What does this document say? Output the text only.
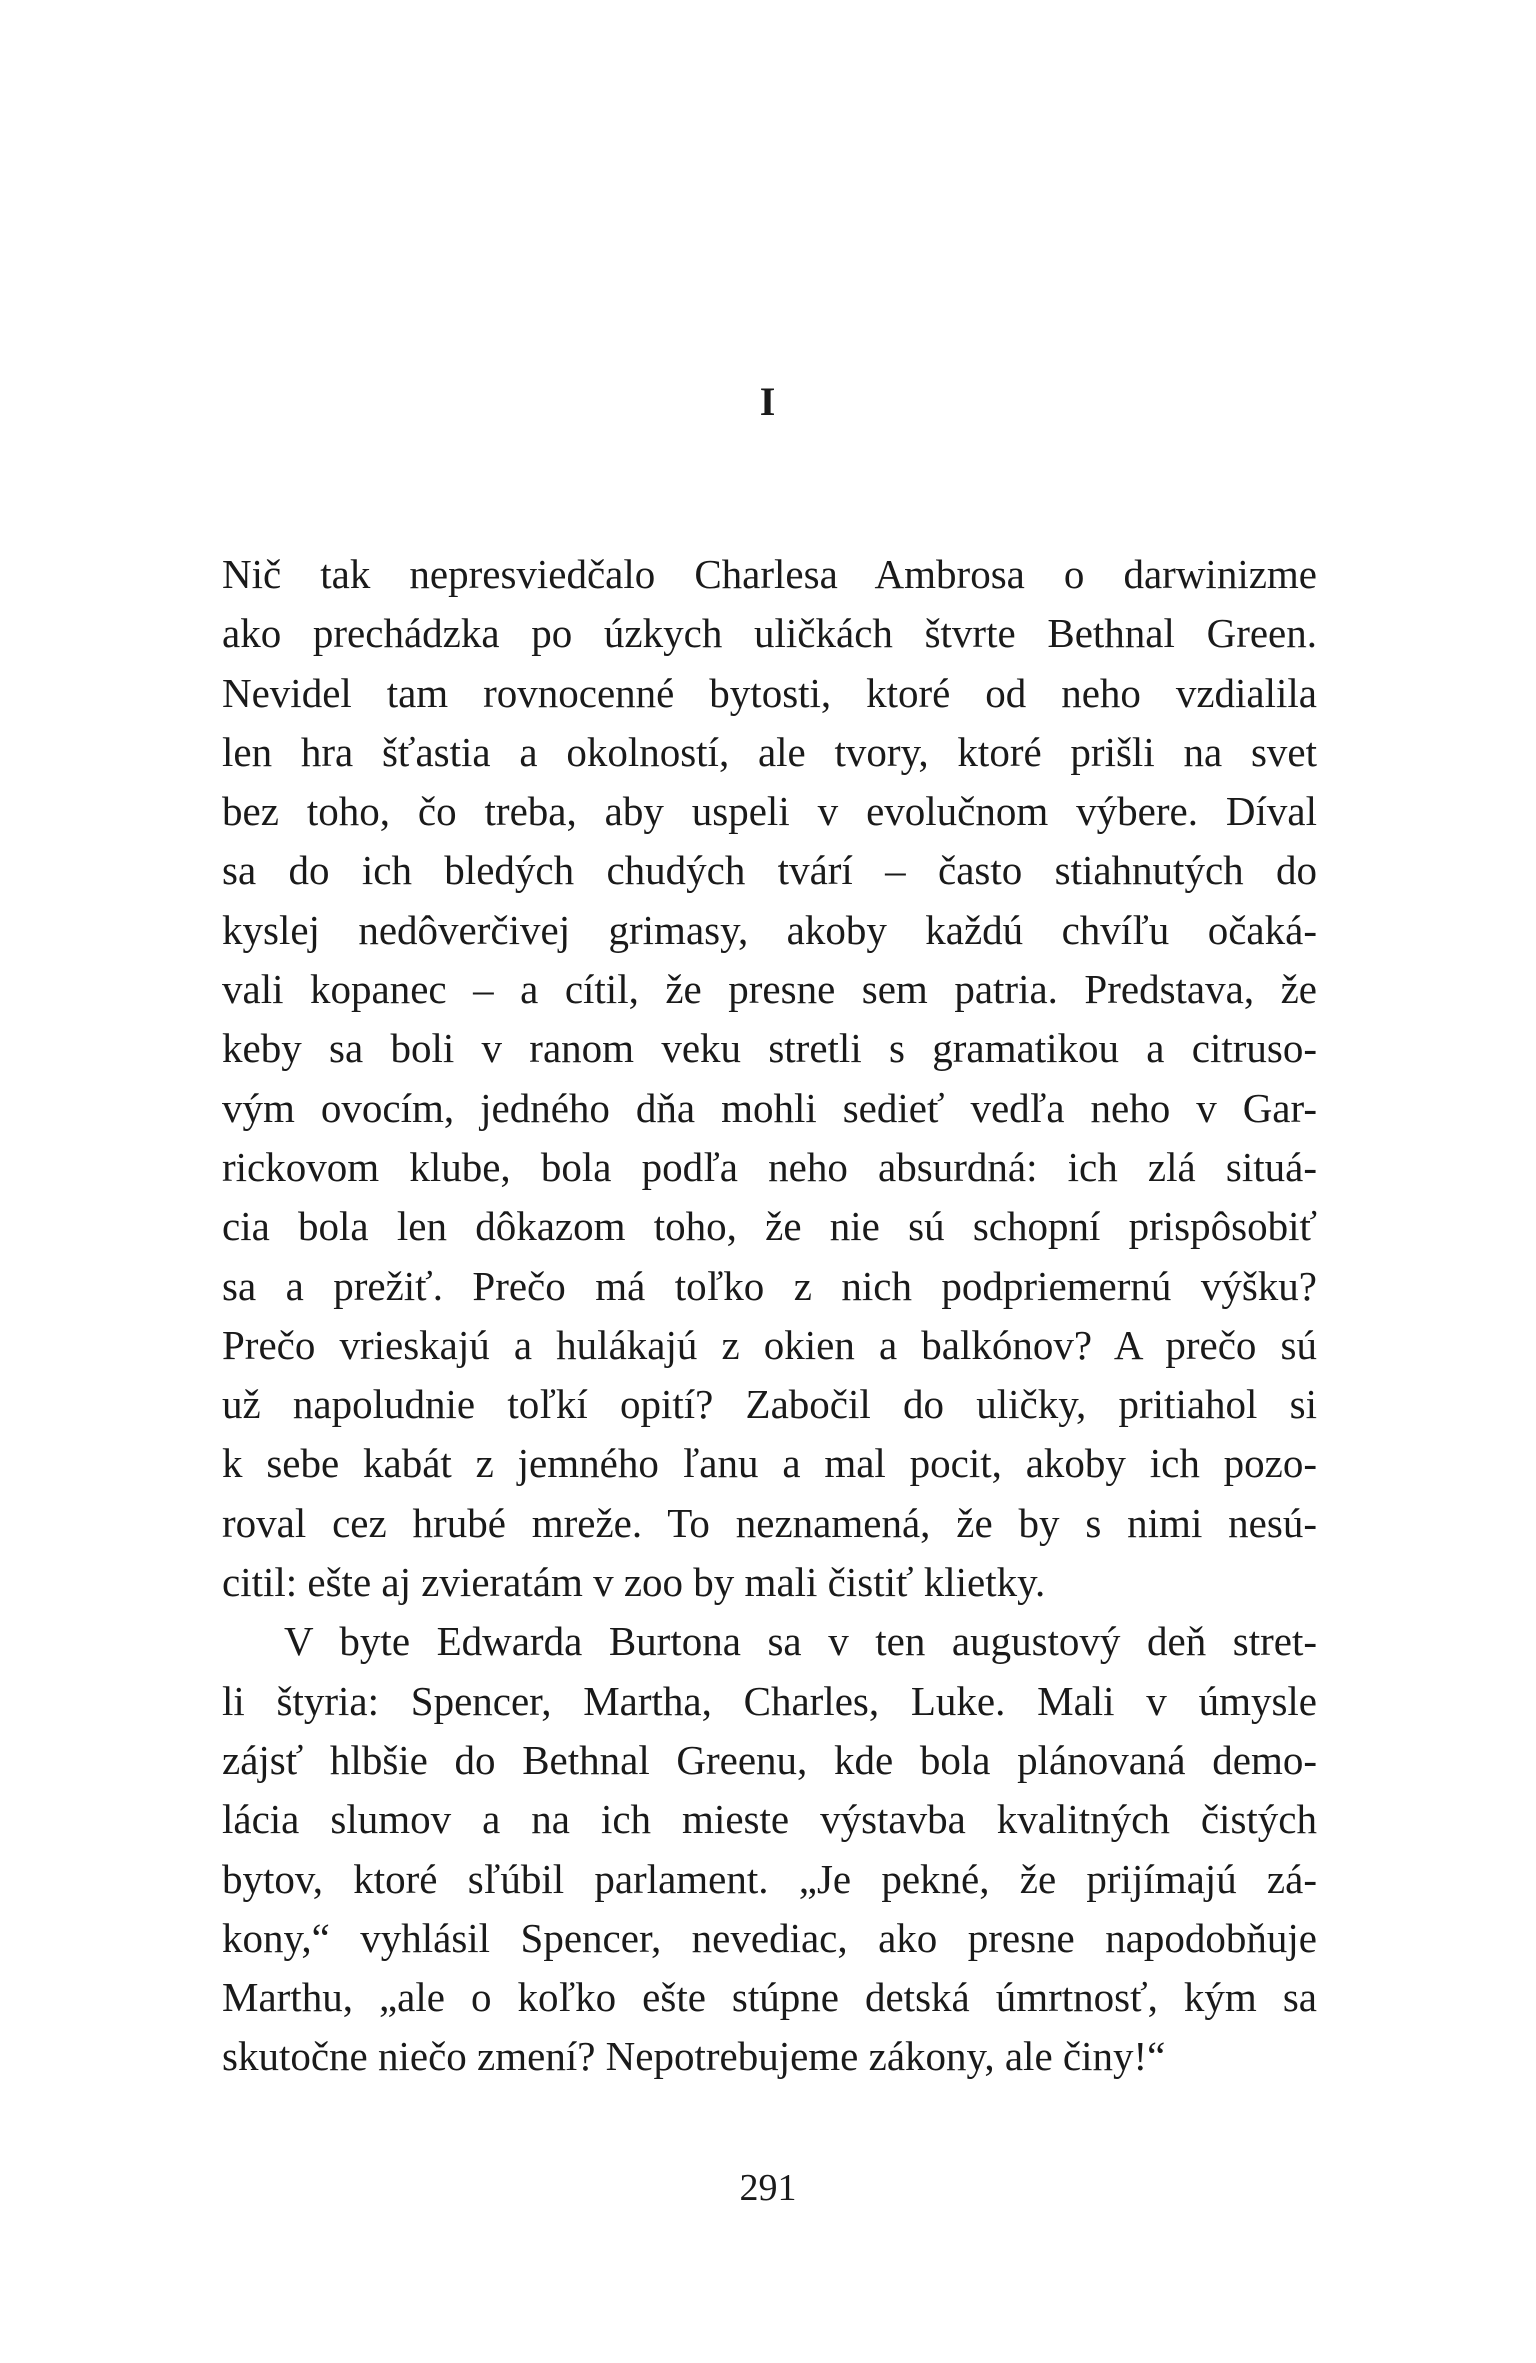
I
Nič tak nepresviedčalo Charlesa Ambrosa o darwinizme
ako prechádzka po úzkych uličkách štvrte Bethnal Green.
Nevidel tam rovnocenné bytosti, ktoré od neho vzdialila
len hra šťastia a okolností, ale tvory, ktoré prišli na svet
bez toho, čo treba, aby uspeli v evolučnom výbere. Díval
sa do ich bledých chudých tvárí – často stiahnutých do
kyslej nedôverčivej grimasy, akoby každú chvíľu očaká-
vali kopanec – a cítil, že presne sem patria. Predstava, že
keby sa boli v ranom veku stretli s gramatikou a citruso-
vým ovocím, jedného dňa mohli sedieť vedľa neho v Gar-
rickovom klube, bola podľa neho absurdná: ich zlá situá-
cia bola len dôkazom toho, že nie sú schopní prispôsobiť
sa a prežiť. Prečo má toľko z nich podpriemernú výšku?
Prečo vrieskajú a hulákajú z okien a balkónov? A prečo sú
už napoludnie toľkí opití? Zabočil do uličky, pritiahol si
k sebe kabát z jemného ľanu a mal pocit, akoby ich pozo-
roval cez hrubé mreže. To neznamená, že by s nimi nesú-
citil: ešte aj zvieratám v zoo by mali čistiť klietky.
V byte Edwarda Burtona sa v ten augustový deň stret-
li štyria: Spencer, Martha, Charles, Luke. Mali v úmysle
zájsť hlbšie do Bethnal Greenu, kde bola plánovaná demo-
lácia slumov a na ich mieste výstavba kvalitných čistých
bytov, ktoré sľúbil parlament. „Je pekné, že prijímajú zá-
kony,“ vyhlásil Spencer, nevediac, ako presne napodobňuje
Marthu, „ale o koľko ešte stúpne detská úmrtnosť, kým sa
skutočne niečo zmení? Nepotrebujeme zákony, ale činy!“
291
